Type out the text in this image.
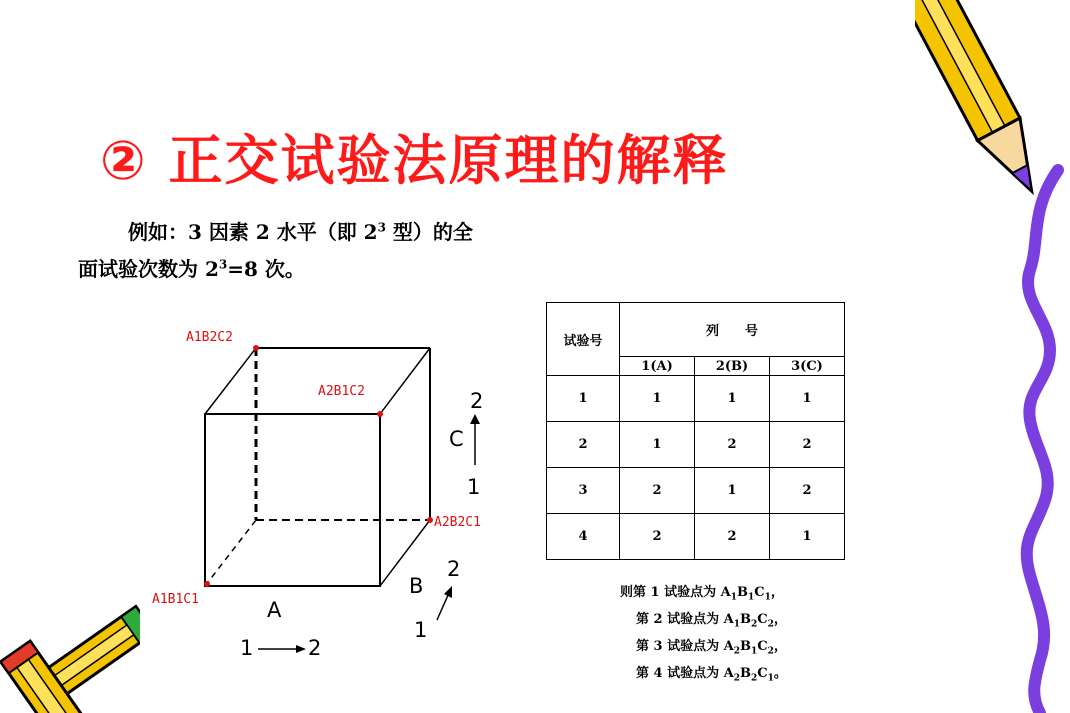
② 正交试验法原理的解释
例如：3 因素 2 水平（即 $2^3$ 型）的全
面试验次数为 $2^3=8$ 次。
A1B2C2
A2B1C2
A2B2C1
A1B1C1
2
C
1
A
1	2
B
2
1
试验号	列　　号		
	1(A)	2(B)	3(C)
1	1	1	1
2	1	2	2
3	2	1	2
4	2	2	1
则第 1 试验点为 $A_1B_1C_1$，
第 2 试验点为 $A_1B_2C_2$，
第 3 试验点为 $A_2B_1C_2$，
第 4 试验点为 $A_2B_2C_1$。
